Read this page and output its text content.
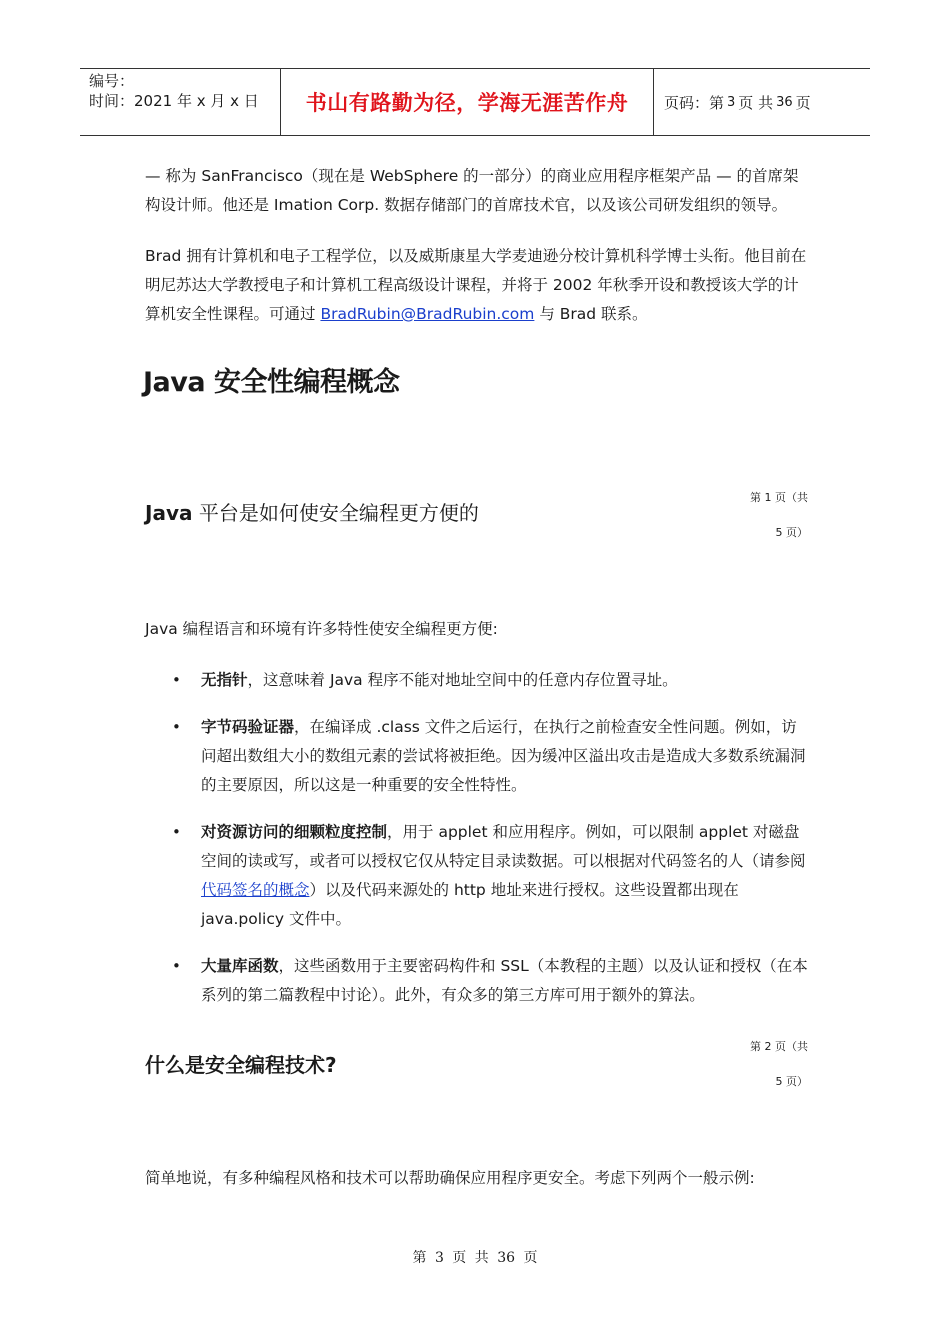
编号：
时间：2021 年 x 月 x 日	书山有路勤为径，学海无涯苦作舟 页码：第 3 页 共 36 页

— 称为 SanFrancisco（现在是 WebSphere 的一部分）的商业应用程序框架产品 — 的首席架构设计师。他还是 Imation Corp. 数据存储部门的首席技术官，以及该公司研发组织的领导。

Brad 拥有计算机和电子工程学位，以及威斯康星大学麦迪逊分校计算机科学博士头衔。他目前在明尼苏达大学教授电子和计算机工程高级设计课程，并将于 2002 年秋季开设和教授该大学的计算机安全性课程。可通过 BradRubin@BradRubin.com 与 Brad 联系。

Java 安全性编程概念
Java 平台是如何使安全编程更方便的
第 1 页（共
5 页）

Java 编程语言和环境有许多特性使安全编程更方便:

• 无指针，这意味着 Java 程序不能对地址空间中的任意内存位置寻址。
• 字节码验证器，在编译成 .class 文件之后运行，在执行之前检查安全性问题。例如，访问超出数组大小的数组元素的尝试将被拒绝。因为缓冲区溢出攻击是造成大多数系统漏洞的主要原因，所以这是一种重要的安全性特性。
• 对资源访问的细颗粒度控制，用于 applet 和应用程序。例如，可以限制 applet 对磁盘空间的读或写，或者可以授权它仅从特定目录读数据。可以根据对代码签名的人（请参阅代码签名的概念）以及代码来源处的 http 地址来进行授权。这些设置都出现在 java.policy 文件中。
• 大量库函数，这些函数用于主要密码构件和 SSL（本教程的主题）以及认证和授权（在本系列的第二篇教程中讨论）。此外，有众多的第三方库可用于额外的算法。
什么是安全编程技术?
第 2 页（共
5 页）

简单地说，有多种编程风格和技术可以帮助确保应用程序更安全。考虑下列两个一般示例:

第 3 页 共 36 页
